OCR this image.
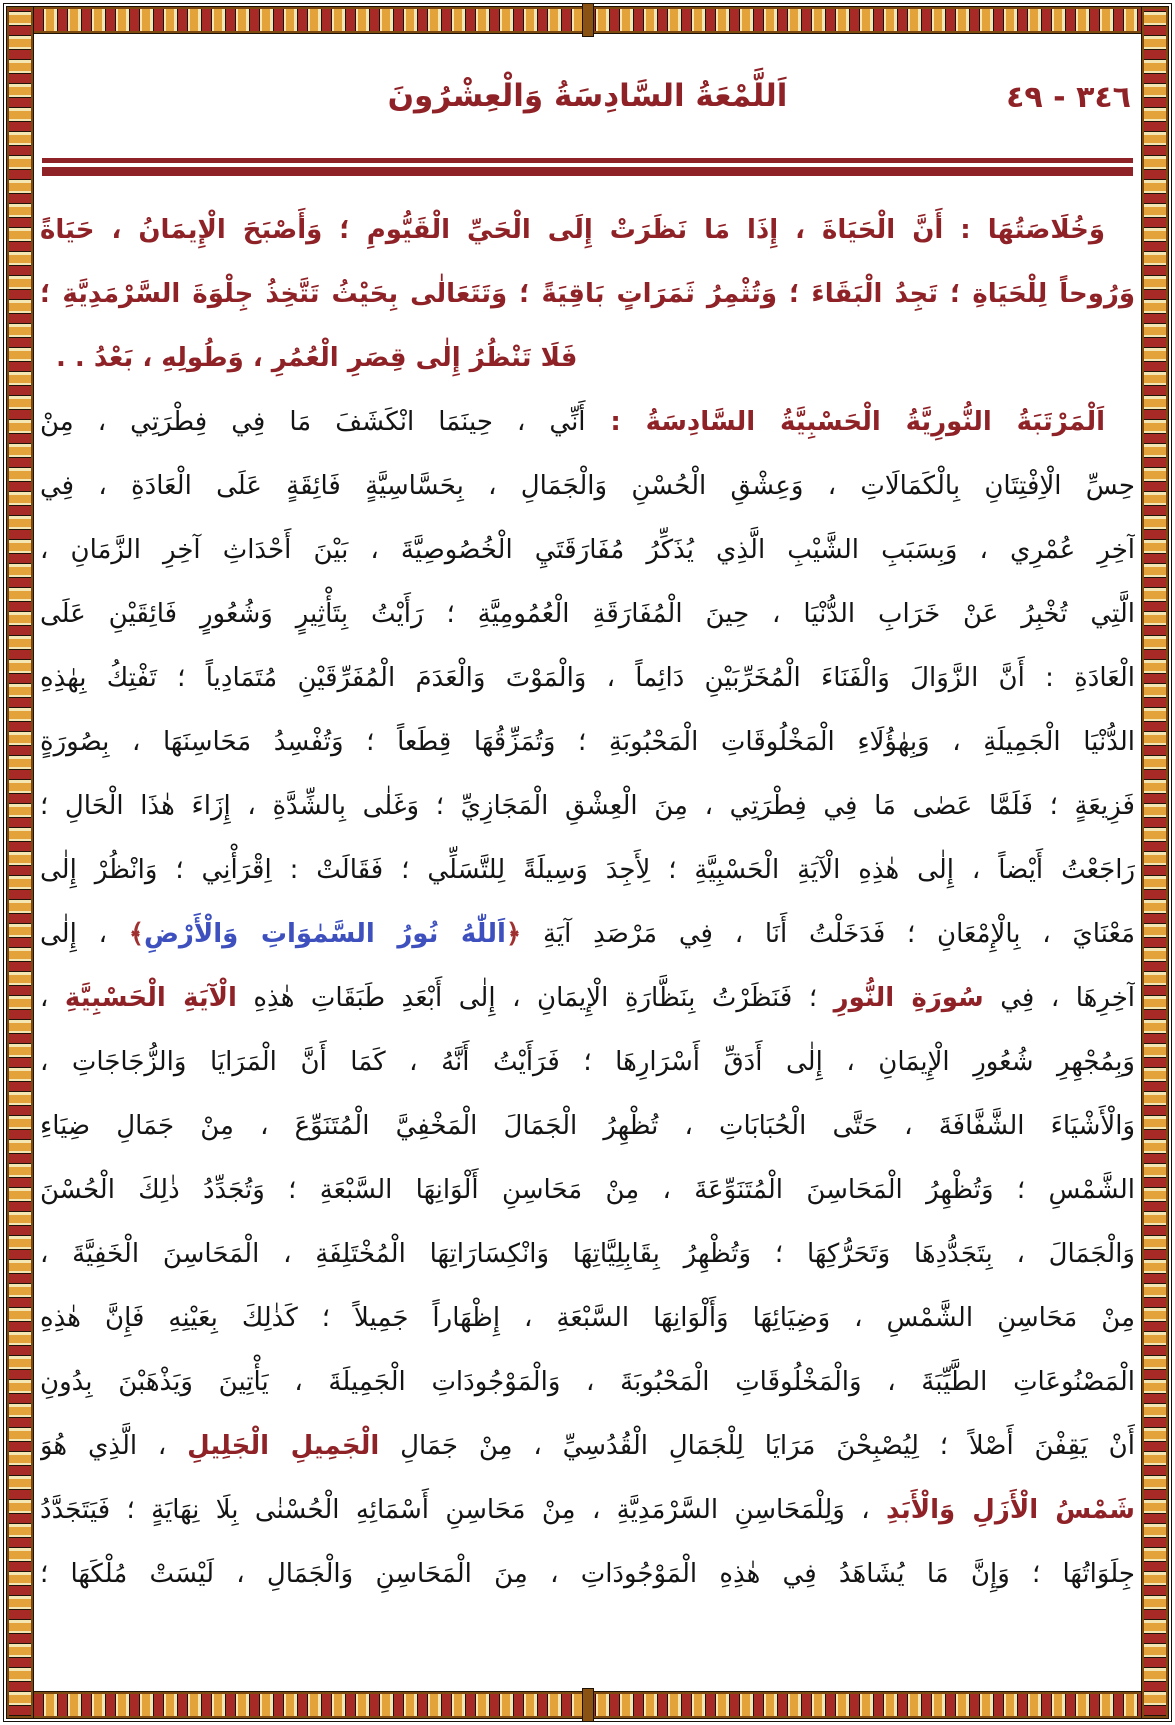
٣٤٦ - ٤٩
اَللَّمْعَةُ السَّادِسَةُ وَالْعِشْرُونَ
وَخُلَاصَتُهَا : أَنَّ الْحَيَاةَ ، إِذَا مَا نَظَرَتْ إِلَى الْحَيِّ الْقَيُّومِ ؛ وَأَصْبَحَ الْإِيمَانُ ، حَيَاةً
وَرُوحاً لِلْحَيَاةِ ؛ تَجِدُ الْبَقَاءَ ؛ وَتُثْمِرُ ثَمَرَاتٍ بَاقِيَةً ؛ وَتَتَعَالٰى بِحَيْثُ تَتَّخِذُ جِلْوَةَ السَّرْمَدِيَّةِ ؛
فَلَا تَنْظُرُ إِلٰى قِصَرِ الْعُمُرِ ، وَطُولِهِ ، بَعْدُ . .
اَلْمَرْتَبَةُ النُّورِيَّةُ الْحَسْبِيَّةُ السَّادِسَةُ : أَنِّي ، حِينَمَا انْكَشَفَ مَا فِي فِطْرَتِي ، مِنْ
حِسِّ الْاِفْتِتَانِ بِالْكَمَالَاتِ ، وَعِشْقِ الْحُسْنِ وَالْجَمَالِ ، بِحَسَّاسِيَّةٍ فَائِقَةٍ عَلَى الْعَادَةِ ، فِي
آخِرِ عُمْرِي ، وَبِسَبَبِ الشَّيْبِ الَّذِي يُذَكِّرُ مُفَارَقَتَيِ الْخُصُوصِيَّةَ ، بَيْنَ أَحْدَاثِ آخِرِ الزَّمَانِ ،
الَّتِي تُخْبِرُ عَنْ خَرَابِ الدُّنْيَا ، حِينَ الْمُفَارَقَةِ الْعُمُومِيَّةِ ؛ رَأَيْتُ بِتَأْثِيرٍ وَشُعُورٍ فَائِقَيْنِ عَلَى
الْعَادَةِ : أَنَّ الزَّوَالَ وَالْفَنَاءَ الْمُخَرِّبَيْنِ دَائِماً ، وَالْمَوْتَ وَالْعَدَمَ الْمُفَرِّقَيْنِ مُتَمَادِياً ؛ تَفْتِكُ بِهٰذِهِ
الدُّنْيَا الْجَمِيلَةِ ، وَبِهٰؤُلَاءِ الْمَخْلُوقَاتِ الْمَحْبُوبَةِ ؛ وَتُمَزِّقُهَا قِطَعاً ؛ وَتُفْسِدُ مَحَاسِنَهَا ، بِصُورَةٍ
فَزِيعَةٍ ؛ فَلَمَّا عَصٰى مَا فِي فِطْرَتِي ، مِنَ الْعِشْقِ الْمَجَازِيِّ ؛ وَغَلٰى بِالشِّدَّةِ ، إِزَاءَ هٰذَا الْحَالِ ؛
رَاجَعْتُ أَيْضاً ، إِلٰى هٰذِهِ الْآيَةِ الْحَسْبِيَّةِ ؛ لِأَجِدَ وَسِيلَةً لِلتَّسَلِّي ؛ فَقَالَتْ : اِقْرَأْنِي ؛ وَانْظُرْ إِلٰى
مَعْنَايَ ، بِالْإِمْعَانِ ؛ فَدَخَلْتُ أَنَا ، فِي مَرْصَدِ آيَةِ ﴿اَللّٰهُ نُورُ السَّمٰوَاتِ وَالْأَرْضِ﴾ ، إِلٰى
آخِرِهَا ، فِي سُورَةِ النُّورِ ؛ فَنَظَرْتُ بِنَظَّارَةِ الْإِيمَانِ ، إِلٰى أَبْعَدِ طَبَقَاتِ هٰذِهِ الْآيَةِ الْحَسْبِيَّةِ ،
وَبِمُجْهِرِ شُعُورِ الْإِيمَانِ ، إِلٰى أَدَقِّ أَسْرَارِهَا ؛ فَرَأَيْتُ أَنَّهُ ، كَمَا أَنَّ الْمَرَايَا وَالزُّجَاجَاتِ ،
وَالْأَشْيَاءَ الشَّفَّافَةَ ، حَتَّى الْحُبَابَاتِ ، تُظْهِرُ الْجَمَالَ الْمَخْفِيَّ الْمُتَنَوِّعَ ، مِنْ جَمَالِ ضِيَاءِ
الشَّمْسِ ؛ وَتُظْهِرُ الْمَحَاسِنَ الْمُتَنَوِّعَةَ ، مِنْ مَحَاسِنِ أَلْوَانِهَا السَّبْعَةِ ؛ وَتُجَدِّدُ ذٰلِكَ الْحُسْنَ
وَالْجَمَالَ ، بِتَجَدُّدِهَا وَتَحَرُّكِهَا ؛ وَتُظْهِرُ بِقَابِلِيَّاتِهَا وَانْكِسَارَاتِهَا الْمُخْتَلِفَةِ ، الْمَحَاسِنَ الْخَفِيَّةَ ،
مِنْ مَحَاسِنِ الشَّمْسِ ، وَضِيَائِهَا وَأَلْوَانِهَا السَّبْعَةِ ، إِظْهَاراً جَمِيلاً ؛ كَذٰلِكَ بِعَيْنِهِ فَإِنَّ هٰذِهِ
الْمَصْنُوعَاتِ الطَّيِّبَةَ ، وَالْمَخْلُوقَاتِ الْمَحْبُوبَةَ ، وَالْمَوْجُودَاتِ الْجَمِيلَةَ ، يَأْتِينَ وَيَذْهَبْنَ بِدُونِ
أَنْ يَقِفْنَ أَصْلاً ؛ لِيُصْبِحْنَ مَرَايَا لِلْجَمَالِ الْقُدُسِيِّ ، مِنْ جَمَالِ الْجَمِيلِ الْجَلِيلِ ، الَّذِي هُوَ
شَمْسُ الْأَزَلِ وَالْأَبَدِ ، وَلِلْمَحَاسِنِ السَّرْمَدِيَّةِ ، مِنْ مَحَاسِنِ أَسْمَائِهِ الْحُسْنٰى بِلَا نِهَايَةٍ ؛ فَيَتَجَدَّدُ
جِلَوَاتُهَا ؛ وَإِنَّ مَا يُشَاهَدُ فِي هٰذِهِ الْمَوْجُودَاتِ ، مِنَ الْمَحَاسِنِ وَالْجَمَالِ ، لَيْسَتْ مُلْكَهَا ؛
